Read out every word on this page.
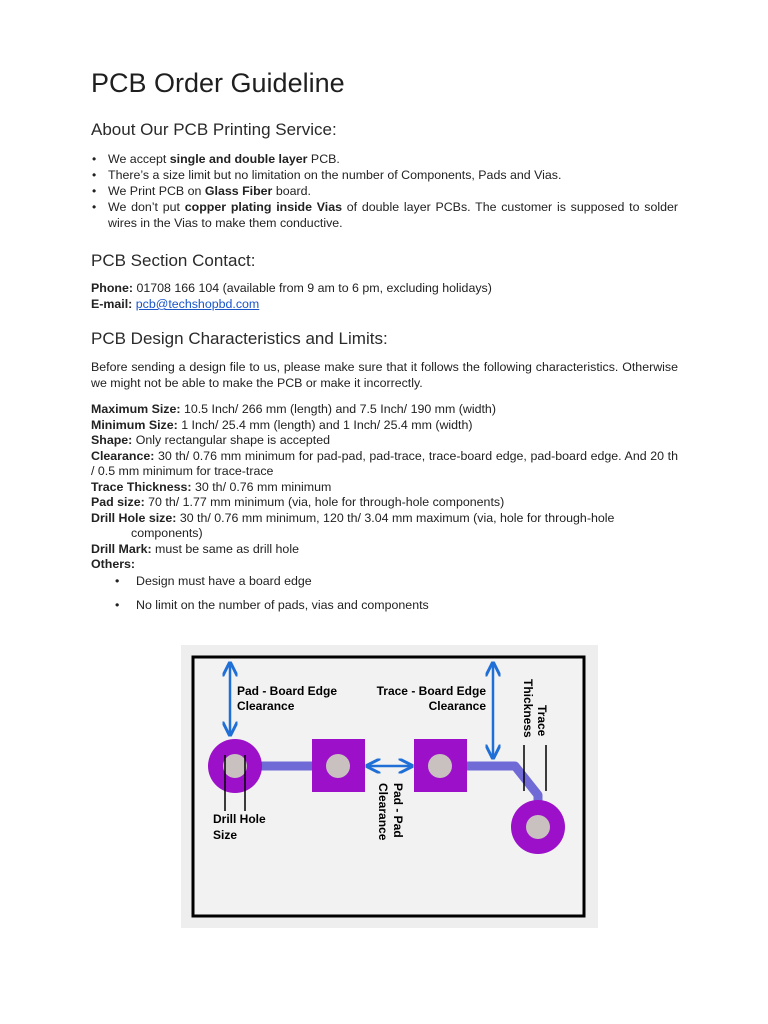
PCB Order Guideline
About Our PCB Printing Service:
• We accept single and double layer PCB.
• There’s a size limit but no limitation on the number of Components, Pads and Vias.
• We Print PCB on Glass Fiber board.
• We don’t put copper plating inside Vias of double layer PCBs. The customer is supposed to solder wires in the Vias to make them conductive.
PCB Section Contact:
Phone: 01708 166 104 (available from 9 am to 6 pm, excluding holidays)
E-mail: pcb@techshopbd.com
PCB Design Characteristics and Limits:

Before sending a design file to us, please make sure that it follows the following characteristics. Otherwise we might not be able to make the PCB or make it incorrectly.

Maximum Size: 10.5 Inch/ 266 mm (length) and 7.5 Inch/ 190 mm (width)
Minimum Size: 1 Inch/ 25.4 mm (length) and 1 Inch/ 25.4 mm (width)
Shape: Only rectangular shape is accepted
Clearance: 30 th/ 0.76 mm minimum for pad-pad, pad-trace, trace-board edge, pad-board edge. And 20 th / 0.5 mm minimum for trace-trace
Trace Thickness: 30 th/ 0.76 mm minimum
Pad size: 70 th/ 1.77 mm minimum (via, hole for through-hole components)
Drill Hole size: 30 th/ 0.76 mm minimum, 120 th/ 3.04 mm maximum (via, hole for through-hole
components)
Drill Mark: must be same as drill hole
Others:
• Design must have a board edge
• No limit on the number of pads, vias and components
Pad - Board Edge
Clearance
Trace - Board Edge
Clearance	Trace
Thickness
Pad - Pad
Clearance
Drill Hole
Size
